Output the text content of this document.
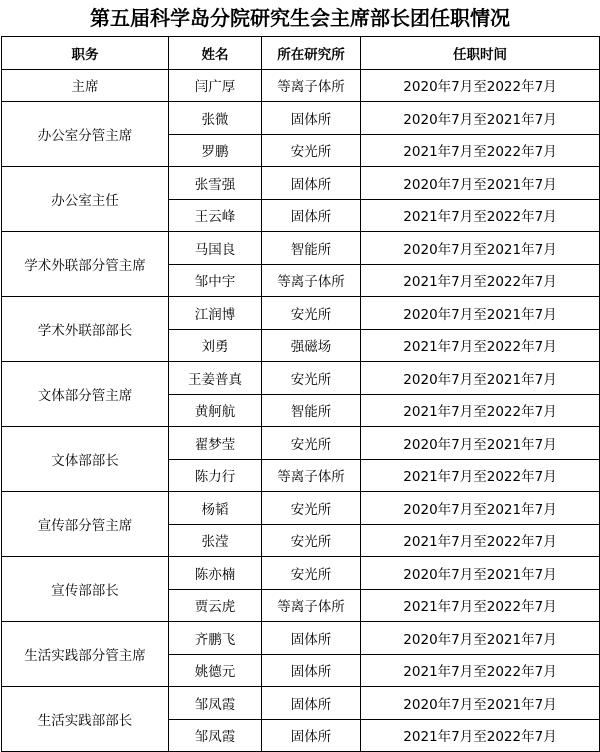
第五届科学岛分院研究生会主席部长团任职情况
职务	姓名	所在研究所	任职时间
主席	闫广厚	等离子体所	2020年7月至2022年7月
办公室分管主席	张微	固体所	2020年7月至2021年7月
	罗鹏	安光所	2021年7月至2022年7月
办公室主任	张雪强	固体所	2020年7月至2021年7月
	王云峰	固体所	2021年7月至2022年7月
学术外联部分管主席	马国良	智能所	2020年7月至2021年7月
	邹中宇	等离子体所	2021年7月至2022年7月
学术外联部部长	江润博	安光所	2020年7月至2021年7月
	刘勇	强磁场	2021年7月至2022年7月
文体部分管主席	王姜普真	安光所	2020年7月至2021年7月
	黄舸航	智能所	2021年7月至2022年7月
文体部部长	翟梦莹	安光所	2020年7月至2021年7月
	陈力行	等离子体所	2021年7月至2022年7月
宣传部分管主席	杨韬	安光所	2020年7月至2021年7月
	张滢	安光所	2021年7月至2022年7月
宣传部部长	陈亦楠	安光所	2020年7月至2021年7月
	贾云虎	等离子体所	2021年7月至2022年7月
生活实践部分管主席	齐鹏飞	固体所	2020年7月至2021年7月
	姚德元	固体所	2021年7月至2022年7月
生活实践部部长	邹凤霞	固体所	2020年7月至2021年7月
	邹凤霞	固体所	2021年7月至2022年7月
